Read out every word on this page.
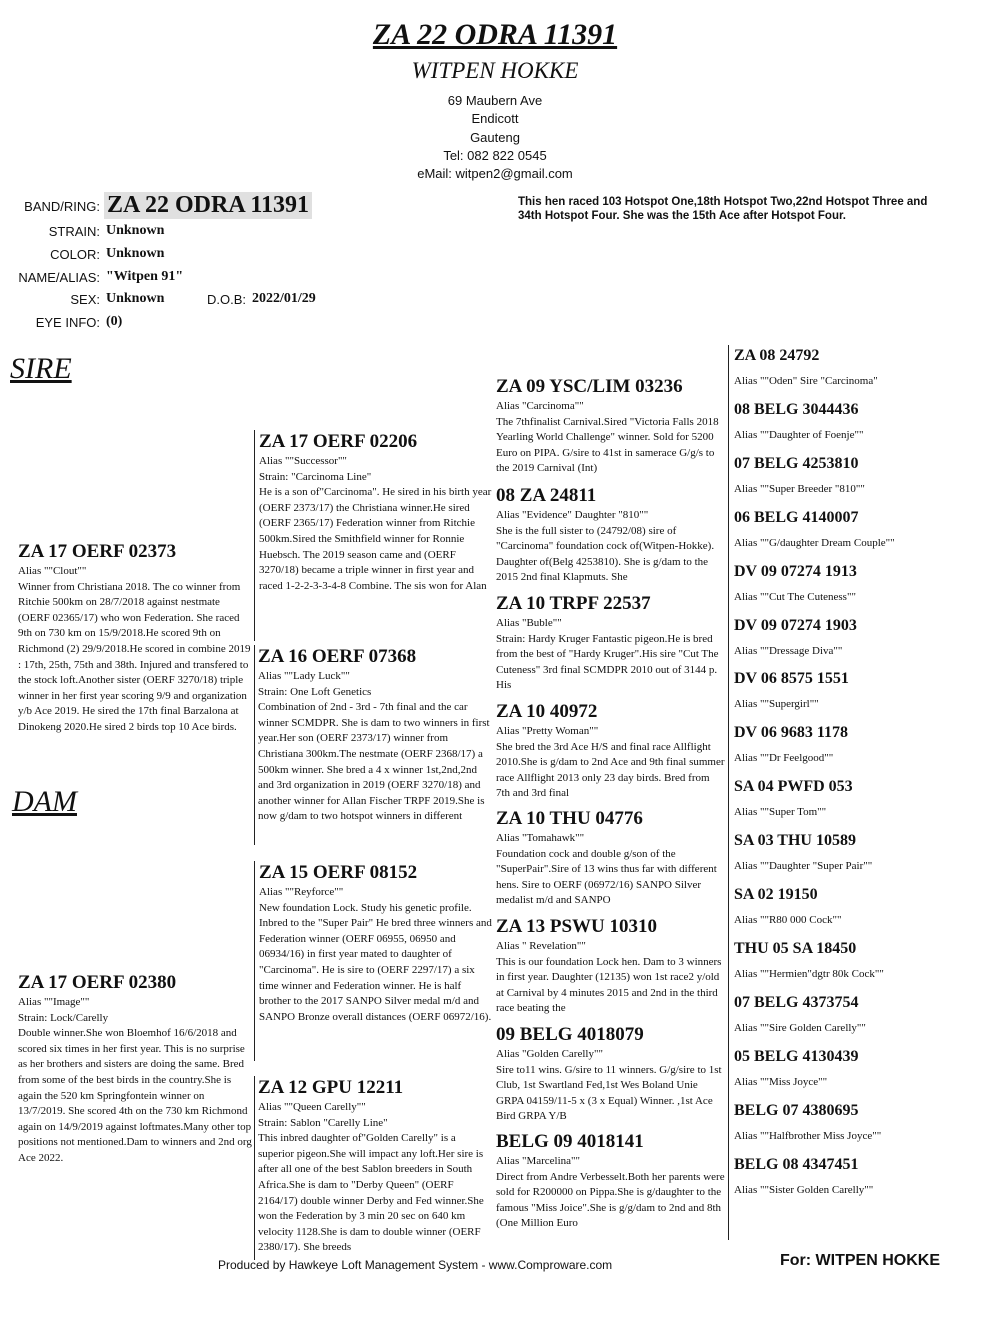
ZA 22 ODRA 11391
WITPEN HOKKE
69 Maubern Ave
Endicott
Gauteng
Tel: 082 822 0545
eMail: witpen2@gmail.com
BAND/RING: ZA 22 ODRA 11391
STRAIN: Unknown
COLOR: Unknown
NAME/ALIAS: "Witpen 91"
SEX: Unknown	D.O.B: 2022/01/29
EYE INFO: (0)
This hen raced 103 Hotspot One,18th Hotspot Two,22nd Hotspot Three and 34th Hotspot Four. She was the 15th Ace after Hotspot Four.
SIRE
DAM
ZA 17 OERF 02373
Alias ""Clout""
Winner from Christiana 2018. The co winner from Ritchie 500km on 28/7/2018 against nestmate (OERF 02365/17) who won Federation. She raced 9th on 730 km on 15/9/2018.He scored 9th on Richmond (2) 29/9/2018.He scored in combine 2019 : 17th, 25th, 75th and 38th. Injured and transfered to the stock loft.Another sister (OERF 3270/18) triple winner in her first year scoring 9/9 and organization y/b Ace 2019. He sired the 17th final Barzalona at Dinokeng 2020.He sired 2 birds top 10 Ace birds.
ZA 17 OERF 02380
Alias ""Image""
Strain: Lock/Carelly
Double winner.She won Bloemhof 16/6/2018 and scored six times in her first year. This is no surprise as her brothers and sisters are doing the same. Bred from some of the best birds in the country.She is again the 520 km Springfontein winner on 13/7/2019. She scored 4th on the 730 km Richmond again on 14/9/2019 against loftmates.Many other top positions not mentioned.Dam to winners and 2nd org Ace 2022.
ZA 17 OERF 02206
Alias ""Successor""
Strain: "Carcinoma Line"
He is a son of"Carcinoma". He sired in his birth year (OERF 2373/17) the Christiana winner.He sired (OERF 2365/17) Federation winner from Ritchie 500km.Sired the Smithfield winner for Ronnie Huebsch. The 2019 season came and (OERF 3270/18) became a triple winner in first year and raced 1-2-2-3-3-4-8 Combine. The sis won for Alan
ZA 16 OERF 07368
Alias ""Lady Luck""
Strain: One Loft Genetics
Combination of 2nd - 3rd - 7th final and the car winner SCMDPR. She is dam to two winners in first year.Her son (OERF 2373/17) winner from Christiana 300km.The nestmate (OERF 2368/17) a 500km winner. She bred a 4 x winner 1st,2nd,2nd and 3rd organization in 2019 (OERF 3270/18) and another winner for Allan Fischer TRPF 2019.She is now g/dam to two hotspot winners in different
ZA 15 OERF 08152
Alias ""Reyforce""
New foundation Lock. Study his genetic profile. Inbred to the "Super Pair" He bred three winners and Federation winner (OERF 06955, 06950 and 06934/16) in first year mated to daughter of "Carcinoma". He is sire to (OERF 2297/17) a six time winner and Federation winner. He is half brother to the 2017 SANPO Silver medal m/d and SANPO Bronze overall distances (OERF 06972/16).
ZA 12 GPU 12211
Alias ""Queen Carelly""
Strain: Sablon "Carelly Line"
This inbred daughter of"Golden Carelly" is a superior pigeon.She will impact any loft.Her sire is after all one of the best Sablon breeders in South Africa.She is dam to "Derby Queen" (OERF 2164/17) double winner Derby and Fed winner.She won the Federation by 3 min 20 sec on 640 km velocity 1128.She is dam to double winner (OERF 2380/17). She breeds
ZA 09 YSC/LIM 03236
Alias "Carcinoma""
The 7thfinalist Carnival.Sired "Victoria Falls 2018 Yearling World Challenge" winner. Sold for 5200 Euro on PIPA. G/sire to 41st in samerace G/g/s to the 2019 Carnival (Int)
08 ZA 24811
Alias "Evidence" Daughter "810""
She is the full sister to (24792/08) sire of "Carcinoma" foundation cock of(Witpen-Hokke). Daughter of(Belg 4253810). She is g/dam to the 2015 2nd final Klapmuts. She
ZA 10 TRPF 22537
Alias "Buble""
Strain: Hardy Kruger Fantastic pigeon.He is bred from the best of "Hardy Kruger".His sire "Cut The Cuteness" 3rd final SCMDPR 2010 out of 3144 p. His
ZA 10 40972
Alias "Pretty Woman""
She bred the 3rd Ace H/S and final race Allflight 2010.She is g/dam to 2nd Ace and 9th final summer race Allflight 2013 only 23 day birds. Bred from 7th and 3rd final
ZA 10 THU 04776
Alias "Tomahawk""
Foundation cock and double g/son of the "SuperPair".Sire of 13 wins thus far with different hens. Sire to OERF (06972/16) SANPO Silver medalist m/d and SANPO
ZA 13 PSWU 10310
Alias " Revelation""
This is our foundation Lock hen. Dam to 3 winners in first year. Daughter (12135) won 1st race2 y/old at Carnival by 4 minutes 2015 and 2nd in the third race beating the
09 BELG 4018079
Alias "Golden Carelly""
Sire to11 wins. G/sire to 11 winners. G/g/sire to 1st Club, 1st Swartland Fed,1st Wes Boland Unie GRPA 04159/11-5 x (3 x Equal) Winner. ,1st Ace Bird GRPA Y/B
BELG 09 4018141
Alias "Marcelina""
Direct from Andre Verbesselt.Both her parents were sold for R200000 on Pippa.She is g/daughter to the famous "Miss Joice".She is g/g/dam to 2nd and 8th (One Million Euro
ZA 08 24792
Alias ""Oden" Sire "Carcinoma"
08 BELG 3044436
Alias ""Daughter of Foenje""
07 BELG 4253810
Alias ""Super Breeder "810""
06 BELG 4140007
Alias ""G/daughter Dream Couple""
DV 09 07274 1913
Alias ""Cut The Cuteness""
DV 09 07274 1903
Alias ""Dressage Diva""
DV 06 8575 1551
Alias ""Supergirl""
DV 06 9683 1178
Alias ""Dr Feelgood""
SA 04 PWFD 053
Alias ""Super Tom""
SA 03 THU 10589
Alias ""Daughter "Super Pair""
SA 02 19150
Alias ""R80 000 Cock""
THU 05 SA 18450
Alias ""Hermien"dgtr 80k Cock""
07 BELG 4373754
Alias ""Sire Golden Carelly""
05 BELG 4130439
Alias ""Miss Joyce""
BELG 07 4380695
Alias ""Halfbrother Miss Joyce""
BELG 08 4347451
Alias ""Sister Golden Carelly""
Produced by Hawkeye Loft Management System - www.Comproware.com	For: WITPEN HOKKE
